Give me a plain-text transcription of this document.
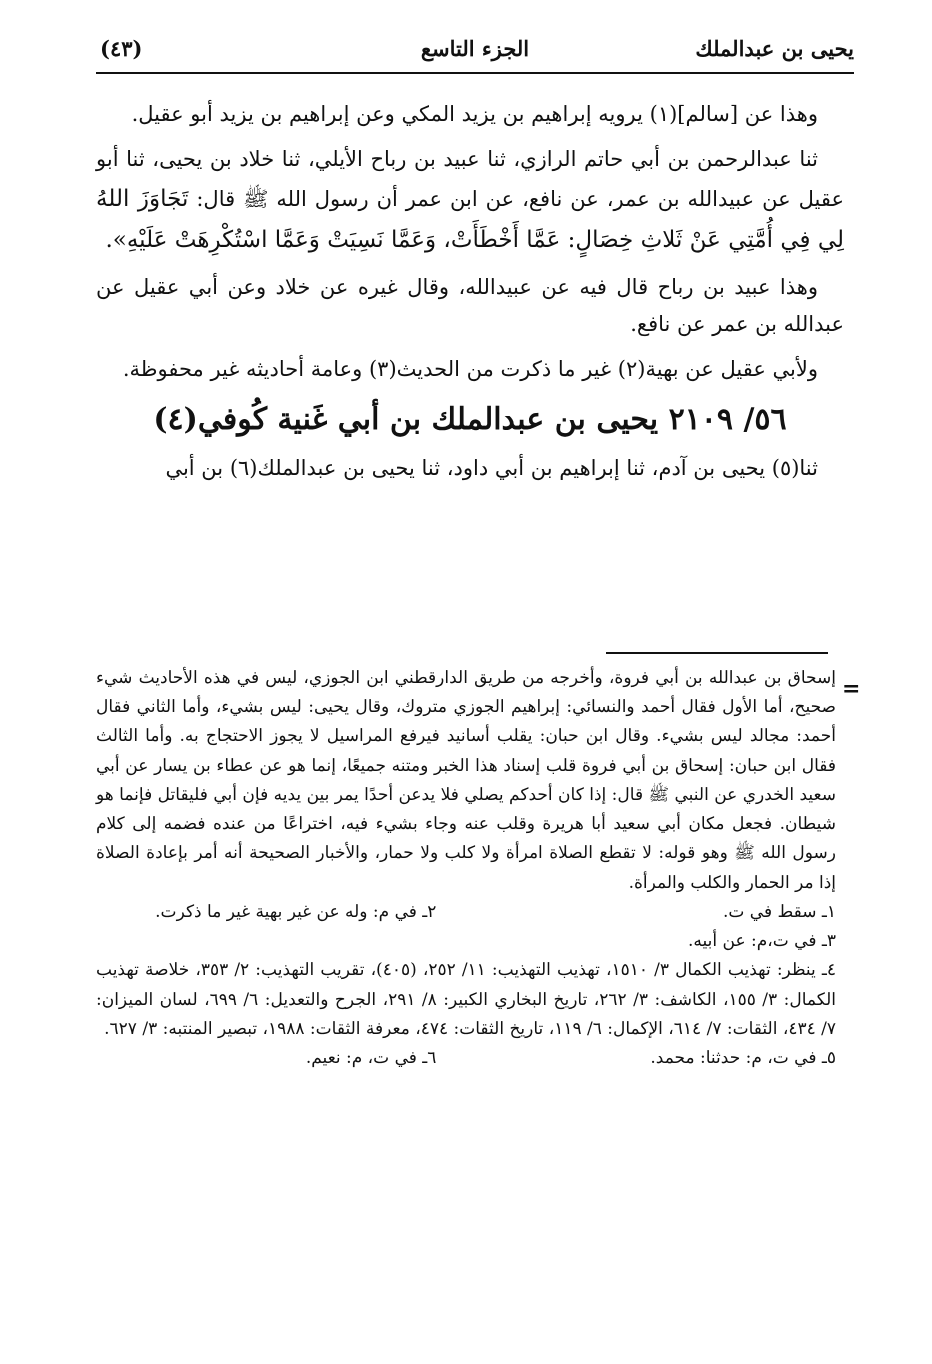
يحيى بن عبدالملك
الجزء التاسع
(٤٣)

وهذا عن [سالم](١) يرويه إبراهيم بن يزيد المكي وعن إبراهيم بن يزيد أبو عقيل.

ثنا عبدالرحمن بن أبي حاتم الرازي، ثنا عبيد بن رباح الأيلي، ثنا خلاد بن يحيى، ثنا أبو عقيل عن عبيدالله بن عمر، عن نافع، عن ابن عمر أن رسول الله ﷺ قال: تَجَاوَزَ اللهُ لِي فِي أُمَّتِي عَنْ ثَلاثِ خِصَالٍ: عَمَّا أَخْطَأَتْ، وَعَمَّا نَسِيَتْ وَعَمَّا اسْتُكْرِهَتْ عَلَيْهِ».

وهذا عبيد بن رباح قال فيه عن عبيدالله، وقال غيره عن خلاد وعن أبي عقيل عن عبدالله بن عمر عن نافع.

ولأبي عقيل عن بهية(٢) غير ما ذكرت من الحديث(٣) وعامة أحاديثه غير محفوظة.

٥٦/ ٢١٠٩ يحيى بن عبدالملك بن أبي غَنية كُوفي(٤)

ثنا(٥) يحيى بن آدم، ثنا إبراهيم بن أبي داود، ثنا يحيى بن عبدالملك(٦) بن أبي

=

إسحاق بن عبدالله بن أبي فروة، وأخرجه من طريق الدارقطني ابن الجوزي، ليس في هذه الأحاديث شيء صحيح، أما الأول فقال أحمد والنسائي: إبراهيم الجوزي متروك، وقال يحيى: ليس بشيء، وأما الثاني فقال أحمد: مجالد ليس بشيء. وقال ابن حبان: يقلب أسانيد فيرفع المراسيل لا يجوز الاحتجاج به. وأما الثالث فقال ابن حبان: إسحاق بن أبي فروة قلب إسناد هذا الخبر ومتنه جميعًا، إنما هو عن عطاء بن يسار عن أبي سعيد الخدري عن النبي ﷺ قال: إذا كان أحدكم يصلي فلا يدعن أحدًا يمر بين يديه فإن أبي فليقاتل فإنما هو شيطان. فجعل مكان أبي سعيد أبا هريرة وقلب عنه وجاء بشيء فيه، اختراعًا من عنده فضمه إلى كلام رسول الله ﷺ وهو قوله: لا تقطع الصلاة امرأة ولا كلب ولا حمار، والأخبار الصحيحة أنه أمر بإعادة الصلاة إذا مر الحمار والكلب والمرأة.

١ـ سقط في ت.
٢ـ في م: وله عن غير بهية غير ما ذكرت.

٣ـ في ت،م: عن أبيه.

٤ـ ينظر: تهذيب الكمال ٣/ ١٥١٠، تهذيب التهذيب: ١١/ ٢٥٢، (٤٠٥)، تقريب التهذيب: ٢/ ٣٥٣، خلاصة تهذيب الكمال: ٣/ ١٥٥، الكاشف: ٣/ ٢٦٢، تاريخ البخاري الكبير: ٨/ ٢٩١، الجرح والتعديل: ٦/ ٦٩٩، لسان الميزان: ٧/ ٤٣٤، الثقات: ٧/ ٦١٤، الإكمال: ٦/ ١١٩، تاريخ الثقات: ٤٧٤، معرفة الثقات: ١٩٨٨، تبصير المنتبه: ٣/ ٦٢٧.

٥ـ في ت، م: حدثنا: محمد.
٦ـ في ت، م: نعيم.
